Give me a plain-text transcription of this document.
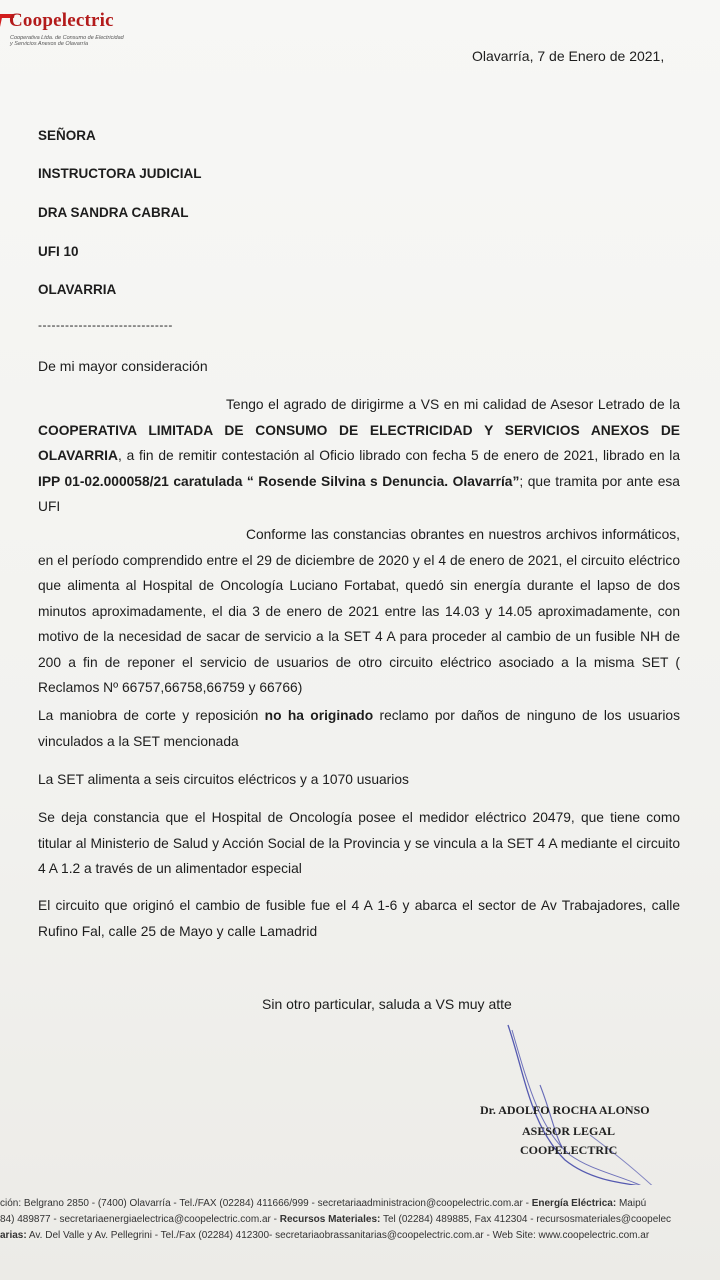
Coopelectric
Cooperativa Ltda. de Consumo de Electricidad
y Servicios Anexos de Olavarría
Olavarría, 7 de Enero de 2021,
SEÑORA
INSTRUCTORA JUDICIAL
DRA SANDRA CABRAL
UFI 10
OLAVARRIA
------------------------------
De mi mayor consideración
Tengo el agrado de dirigirme a VS en mi calidad de Asesor Letrado de la COOPERATIVA LIMITADA DE CONSUMO DE ELECTRICIDAD Y SERVICIOS ANEXOS DE OLAVARRIA, a fin de remitir contestación al Oficio librado con fecha 5 de enero de 2021, librado en la IPP 01-02.000058/21 caratulada “ Rosende Silvina s Denuncia. Olavarría”; que tramita por ante esa UFI
Conforme las constancias obrantes en nuestros archivos informáticos, en el período comprendido entre el 29 de diciembre de 2020 y el 4 de enero de 2021, el circuito eléctrico que alimenta al Hospital de Oncología Luciano Fortabat, quedó sin energía durante el lapso de dos minutos aproximadamente, el dia 3 de enero de 2021 entre las 14.03 y 14.05 aproximadamente, con motivo de la necesidad de sacar de servicio a la SET 4 A para proceder al cambio de un fusible NH de 200 a fin de reponer el servicio de usuarios de otro circuito eléctrico asociado a la misma SET ( Reclamos Nº 66757,66758,66759 y 66766)
La maniobra de corte y reposición no ha originado reclamo por daños de ninguno de los usuarios vinculados a la SET mencionada
La SET alimenta a seis circuitos eléctricos y a 1070 usuarios
Se deja constancia que el Hospital de Oncología posee el medidor eléctrico 20479, que tiene como titular al Ministerio de Salud y Acción Social de la Provincia y se vincula a la SET 4 A mediante el circuito 4 A 1.2 a través de un alimentador especial
El circuito que originó el cambio de fusible fue el 4 A 1-6 y abarca el sector de Av Trabajadores, calle Rufino Fal, calle 25 de Mayo y calle Lamadrid
Sin otro particular, saluda a VS muy atte
Dr. ADOLFO ROCHA ALONSO
ASESOR LEGAL
COOPELECTRIC
ción: Belgrano 2850 - (7400) Olavarría - Tel./FAX (02284) 411666/999 - secretariaadministracion@coopelectric.com.ar - Energía Eléctrica: Maipú
84) 489877 - secretariaenergiaelectrica@coopelectric.com.ar - Recursos Materiales: Tel (02284) 489885, Fax 412304 - recursosmateriales@coopelec
arias: Av. Del Valle y Av. Pellegrini - Tel./Fax (02284) 412300- secretariaobrassanitarias@coopelectric.com.ar - Web Site: www.coopelectric.com.ar
